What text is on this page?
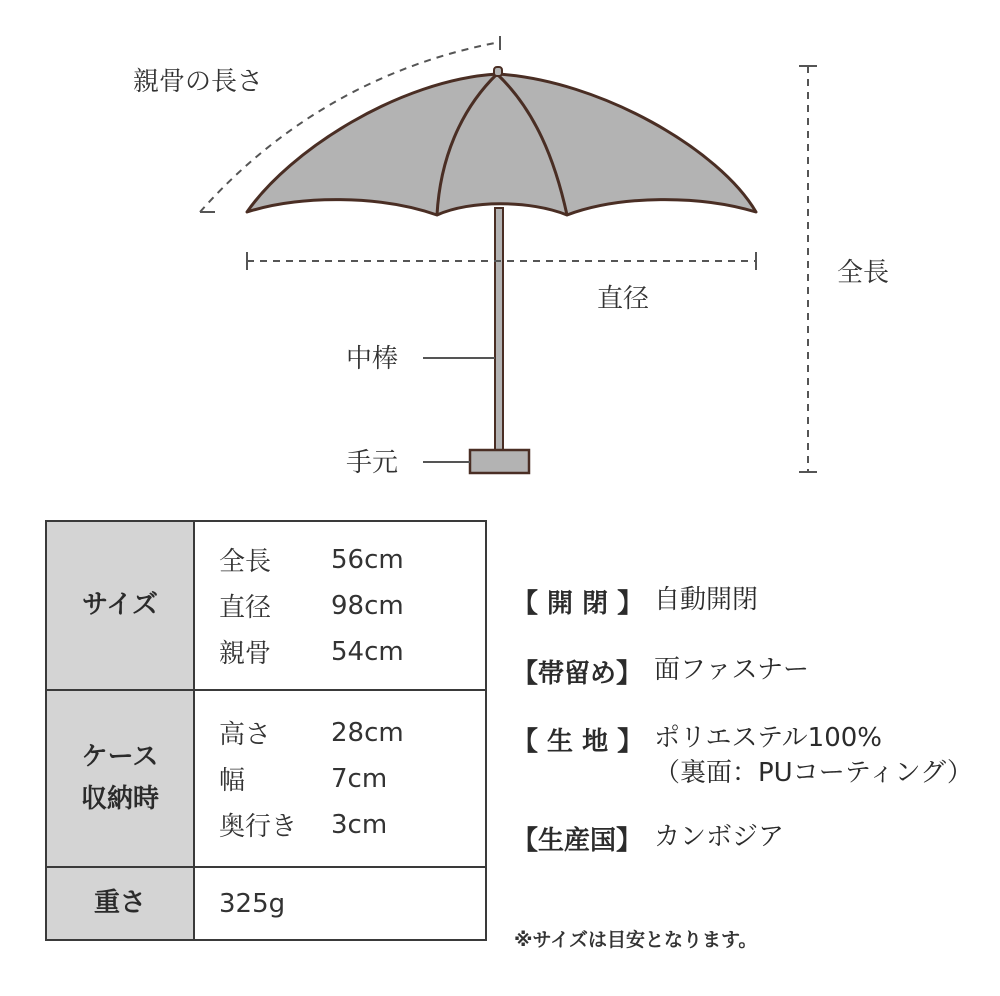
親骨の長さ
全長
直径
中棒
手元
サイズ
全長	56cm
直径	98cm
親骨	54cm
ケース
収納時
高さ	28cm
幅	7cm
奥行き	3cm
重さ	325g
【 開 閉 】 自動開閉
【帯留め】 面ファスナー
【 生 地 】 ポリエステル100%
（裏面：PUコーティング）
【生産国】 カンボジア
※サイズは目安となります。
